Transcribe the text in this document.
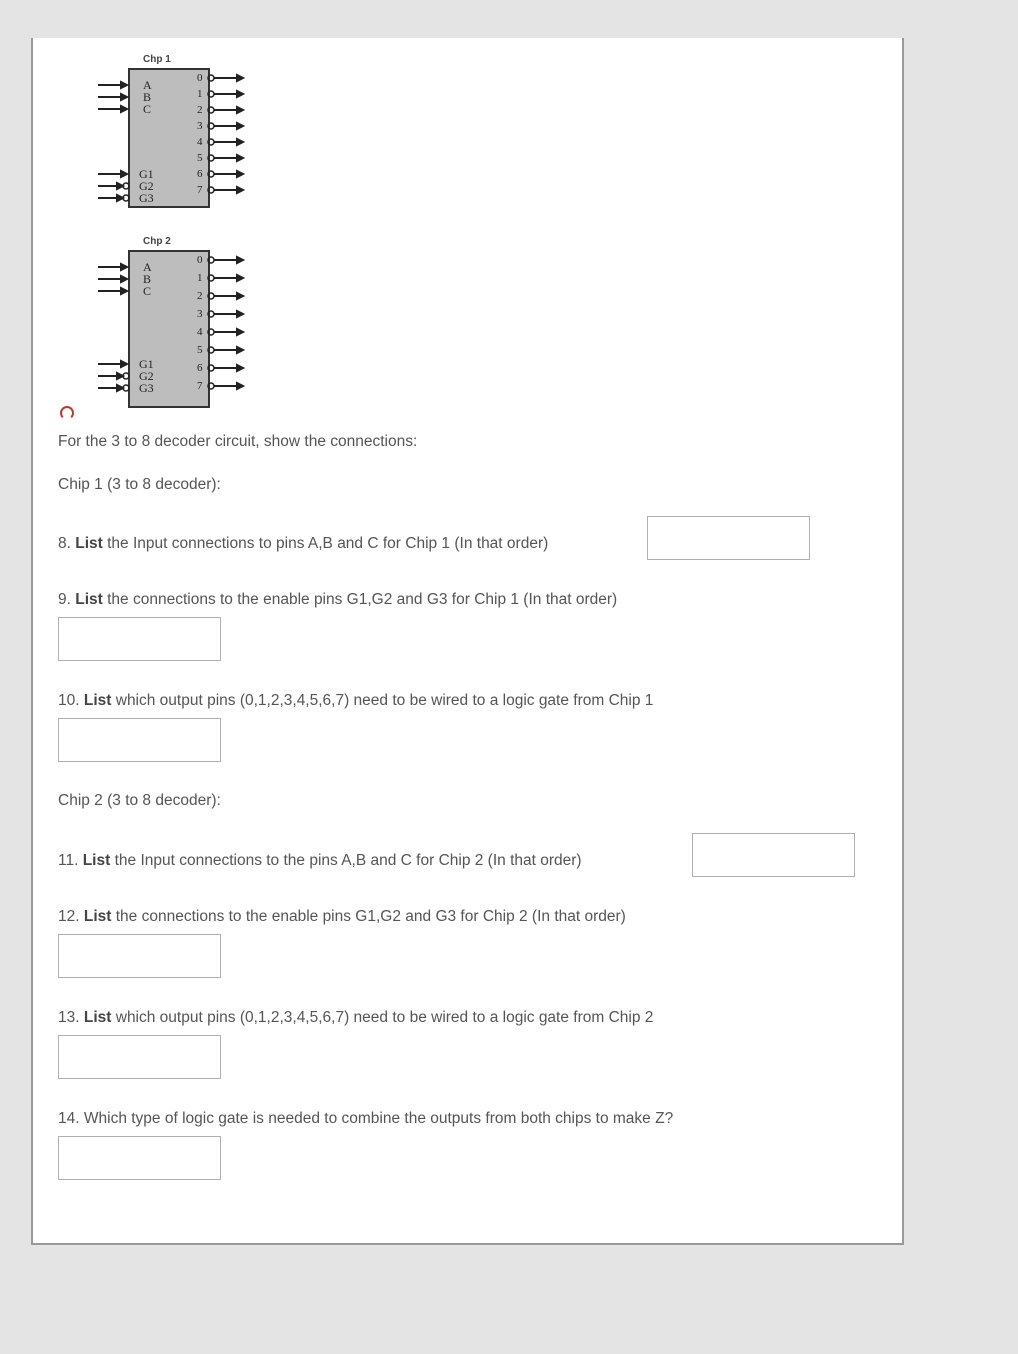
Chp 1
A
B
C
G1
G2
G3
0
1
2
3
4
5
6
7
Chp 2
A
B
C
G1
G2
G3
0
1
2
3
4
5
6
7
For the 3 to 8 decoder circuit, show the connections:
Chip 1 (3 to 8 decoder):
8. List the Input connections to pins A,B and C for Chip 1 (In that order)
9. List the connections to the enable pins G1,G2 and G3 for Chip 1 (In that order)
10. List which output pins (0,1,2,3,4,5,6,7) need to be wired to a logic gate from Chip 1
Chip 2 (3 to 8 decoder):
11. List the Input connections to the pins A,B and C for Chip 2 (In that order)
12. List the connections to the enable pins G1,G2 and G3 for Chip 2 (In that order)
13. List which output pins (0,1,2,3,4,5,6,7) need to be wired to a logic gate from Chip 2
14. Which type of logic gate is needed to combine the outputs from both chips to make Z?
